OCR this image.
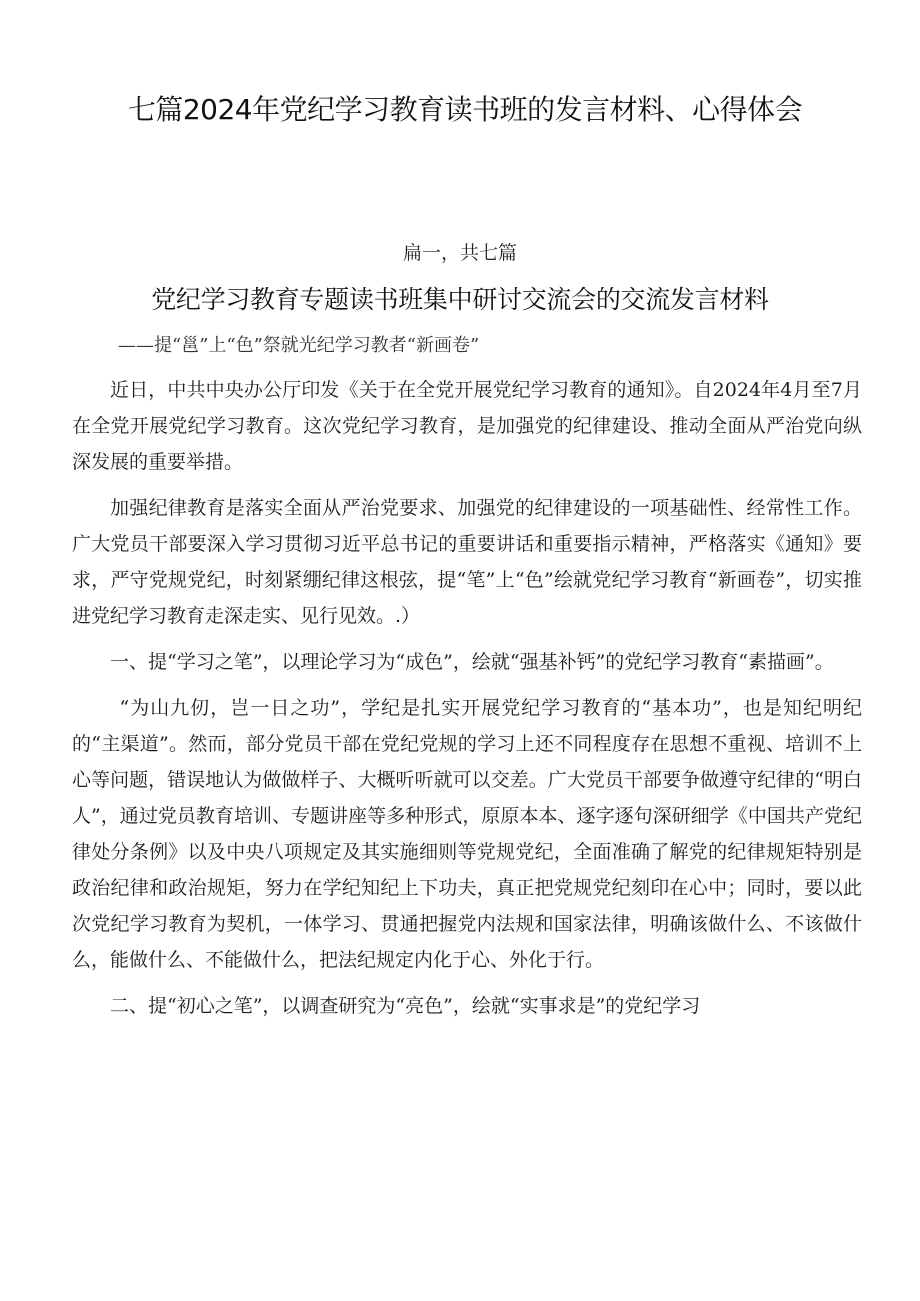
七篇2024年党纪学习教育读书班的发言材料、心得体会
扁一，共七篇
党纪学习教育专题读书班集中研讨交流会的交流发言材料
——提“邕”上“色”祭就光纪学习教者“新画卷”

近日，中共中央办公厅印发《关于在全党开展党纪学习教育的通知》。自2024年4月至7月在全党开展党纪学习教育。这次党纪学习教育，是加强党的纪律建设、推动全面从严治党向纵深发展的重要举措。

加强纪律教育是落实全面从严治党要求、加强党的纪律建设的一项基础性、经常性工作。广大党员干部要深入学习贯彻习近平总书记的重要讲话和重要指示精神，严格落实《通知》要求，严守党规党纪，时刻紧绷纪律这根弦，提“笔”上“色”绘就党纪学习教育“新画卷”，切实推进党纪学习教育走深走实、见行见效。.）

一、提“学习之笔”，以理论学习为“成色”，绘就“强基补钙”的党纪学习教育“素描画”。

“为山九仞，岂一日之功”，学纪是扎实开展党纪学习教育的“基本功”，也是知纪明纪的“主渠道”。然而，部分党员干部在党纪党规的学习上还不同程度存在思想不重视、培训不上心等问题，错误地认为做做样子、大概听听就可以交差。广大党员干部要争做遵守纪律的“明白人”，通过党员教育培训、专题讲座等多种形式，原原本本、逐字逐句深研细学《中国共产党纪律处分条例》以及中央八项规定及其实施细则等党规党纪，全面准确了解党的纪律规矩特别是政治纪律和政治规矩，努力在学纪知纪上下功夫，真正把党规党纪刻印在心中；同时，要以此次党纪学习教育为契机，一体学习、贯通把握党内法规和国家法律，明确该做什么、不该做什么，能做什么、不能做什么，把法纪规定内化于心、外化于行。

二、提“初心之笔”，以调查研究为“亮色”，绘就“实事求是”的党纪学习
